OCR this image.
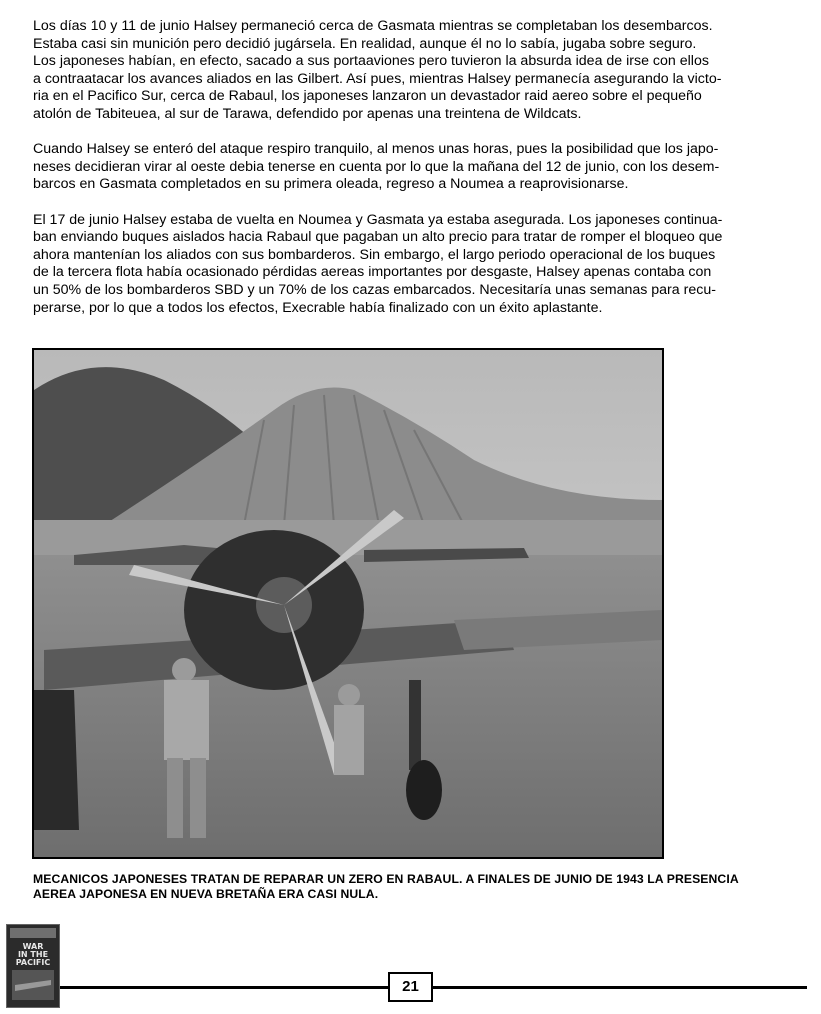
Los días 10 y 11 de junio Halsey permaneció cerca de Gasmata mientras se completaban los desembarcos.
Estaba casi sin munición pero decidió jugársela. En realidad, aunque él no lo sabía, jugaba sobre seguro.
Los japoneses habían, en efecto, sacado a sus portaaviones pero tuvieron la absurda idea de irse con ellos
a contraatacar los avances aliados en las Gilbert. Así pues, mientras Halsey permanecía asegurando la victo-
ria en el Pacifico Sur, cerca de Rabaul, los japoneses lanzaron un devastador raid aereo sobre el pequeño
atolón de Tabiteuea, al sur de Tarawa, defendido por apenas una treintena de Wildcats.

Cuando Halsey se enteró del ataque respiro tranquilo, al menos unas horas, pues la posibilidad que los japo-
neses decidieran virar al oeste debia tenerse en cuenta por lo que la mañana del 12 de junio, con los desem-
barcos en Gasmata completados en su primera oleada, regreso a Noumea a reaprovisionarse.

El 17 de junio Halsey estaba de vuelta en Noumea y Gasmata ya estaba asegurada. Los japoneses continua-
ban enviando buques aislados hacia Rabaul que pagaban un alto precio para tratar de romper el bloqueo que
ahora mantenían los aliados con sus bombarderos. Sin embargo, el largo periodo operacional de los buques
de la tercera flota había ocasionado pérdidas aereas importantes por desgaste, Halsey apenas contaba con
un 50% de los bombarderos SBD y un 70% de los cazas embarcados. Necesitaría unas semanas para recu-
perarse, por lo que a todos los efectos, Execrable había finalizado con un éxito aplastante.

MECANICOS JAPONESES TRATAN DE REPARAR UN ZERO EN RABAUL. A FINALES DE JUNIO DE 1943 LA PRESENCIA
AEREA JAPONESA EN NUEVA BRETAÑA ERA CASI NULA.
WAR
IN THE
PACIFIC
21
